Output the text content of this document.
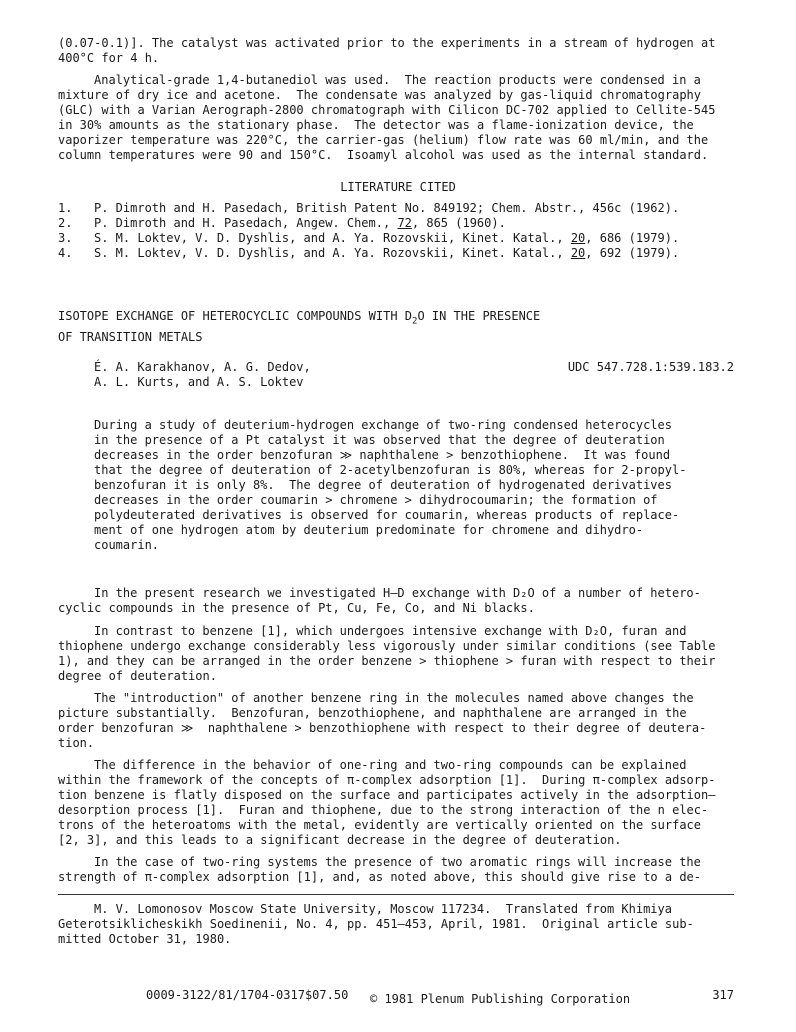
(0.07-0.1)]. The catalyst was activated prior to the experiments in a stream of hydrogen at
400°C for 4 h.
Analytical-grade 1,4-butanediol was used.  The reaction products were condensed in a
mixture of dry ice and acetone.  The condensate was analyzed by gas-liquid chromatography
(GLC) with a Varian Aerograph-2800 chromatograph with Cilicon DC-702 applied to Cellite-545
in 30% amounts as the stationary phase.  The detector was a flame-ionization device, the
vaporizer temperature was 220°C, the carrier-gas (helium) flow rate was 60 ml/min, and the
column temperatures were 90 and 150°C.  Isoamyl alcohol was used as the internal standard.
LITERATURE CITED
1.	P. Dimroth and H. Pasedach, British Patent No. 849192; Chem. Abstr., 456c (1962).
2.	P. Dimroth and H. Pasedach, Angew. Chem., 72, 865 (1960).
3.	S. M. Loktev, V. D. Dyshlis, and A. Ya. Rozovskii, Kinet. Katal., 20, 686 (1979).
4.	S. M. Loktev, V. D. Dyshlis, and A. Ya. Rozovskii, Kinet. Katal., 20, 692 (1979).
ISOTOPE EXCHANGE OF HETEROCYCLIC COMPOUNDS WITH $D_2O$ IN THE PRESENCE
OF TRANSITION METALS
É. A. Karakhanov, A. G. Dedov,
A. L. Kurts, and A. S. Loktev
UDC 547.728.1:539.183.2
During a study of deuterium-hydrogen exchange of two-ring condensed heterocycles
in the presence of a Pt catalyst it was observed that the degree of deuteration
decreases in the order benzofuran ≫ naphthalene > benzothiophene.  It was found
that the degree of deuteration of 2-acetylbenzofuran is 80%, whereas for 2-propyl-
benzofuran it is only 8%.  The degree of deuteration of hydrogenated derivatives
decreases in the order coumarin > chromene > dihydrocoumarin; the formation of
polydeuterated derivatives is observed for coumarin, whereas products of replace-
ment of one hydrogen atom by deuterium predominate for chromene and dihydro-
coumarin.
In the present research we investigated H–D exchange with D₂O of a number of hetero-
cyclic compounds in the presence of Pt, Cu, Fe, Co, and Ni blacks.
In contrast to benzene [1], which undergoes intensive exchange with D₂O, furan and
thiophene undergo exchange considerably less vigorously under similar conditions (see Table
1), and they can be arranged in the order benzene > thiophene > furan with respect to their
degree of deuteration.
The "introduction" of another benzene ring in the molecules named above changes the
picture substantially.  Benzofuran, benzothiophene, and naphthalene are arranged in the
order benzofuran ≫  naphthalene > benzothiophene with respect to their degree of deutera-
tion.
The difference in the behavior of one-ring and two-ring compounds can be explained
within the framework of the concepts of π-complex adsorption [1].  During π-complex adsorp-
tion benzene is flatly disposed on the surface and participates actively in the adsorption–
desorption process [1].  Furan and thiophene, due to the strong interaction of the n elec-
trons of the heteroatoms with the metal, evidently are vertically oriented on the surface
[2, 3], and this leads to a significant decrease in the degree of deuteration.
In the case of two-ring systems the presence of two aromatic rings will increase the
strength of π-complex adsorption [1], and, as noted above, this should give rise to a de-
M. V. Lomonosov Moscow State University, Moscow 117234.  Translated from Khimiya
Geterotsiklicheskikh Soedinenii, No. 4, pp. 451–453, April, 1981.  Original article sub-
mitted October 31, 1980.
0009-3122/81/1704-0317$07.50 © 1981 Plenum Publishing Corporation	317
